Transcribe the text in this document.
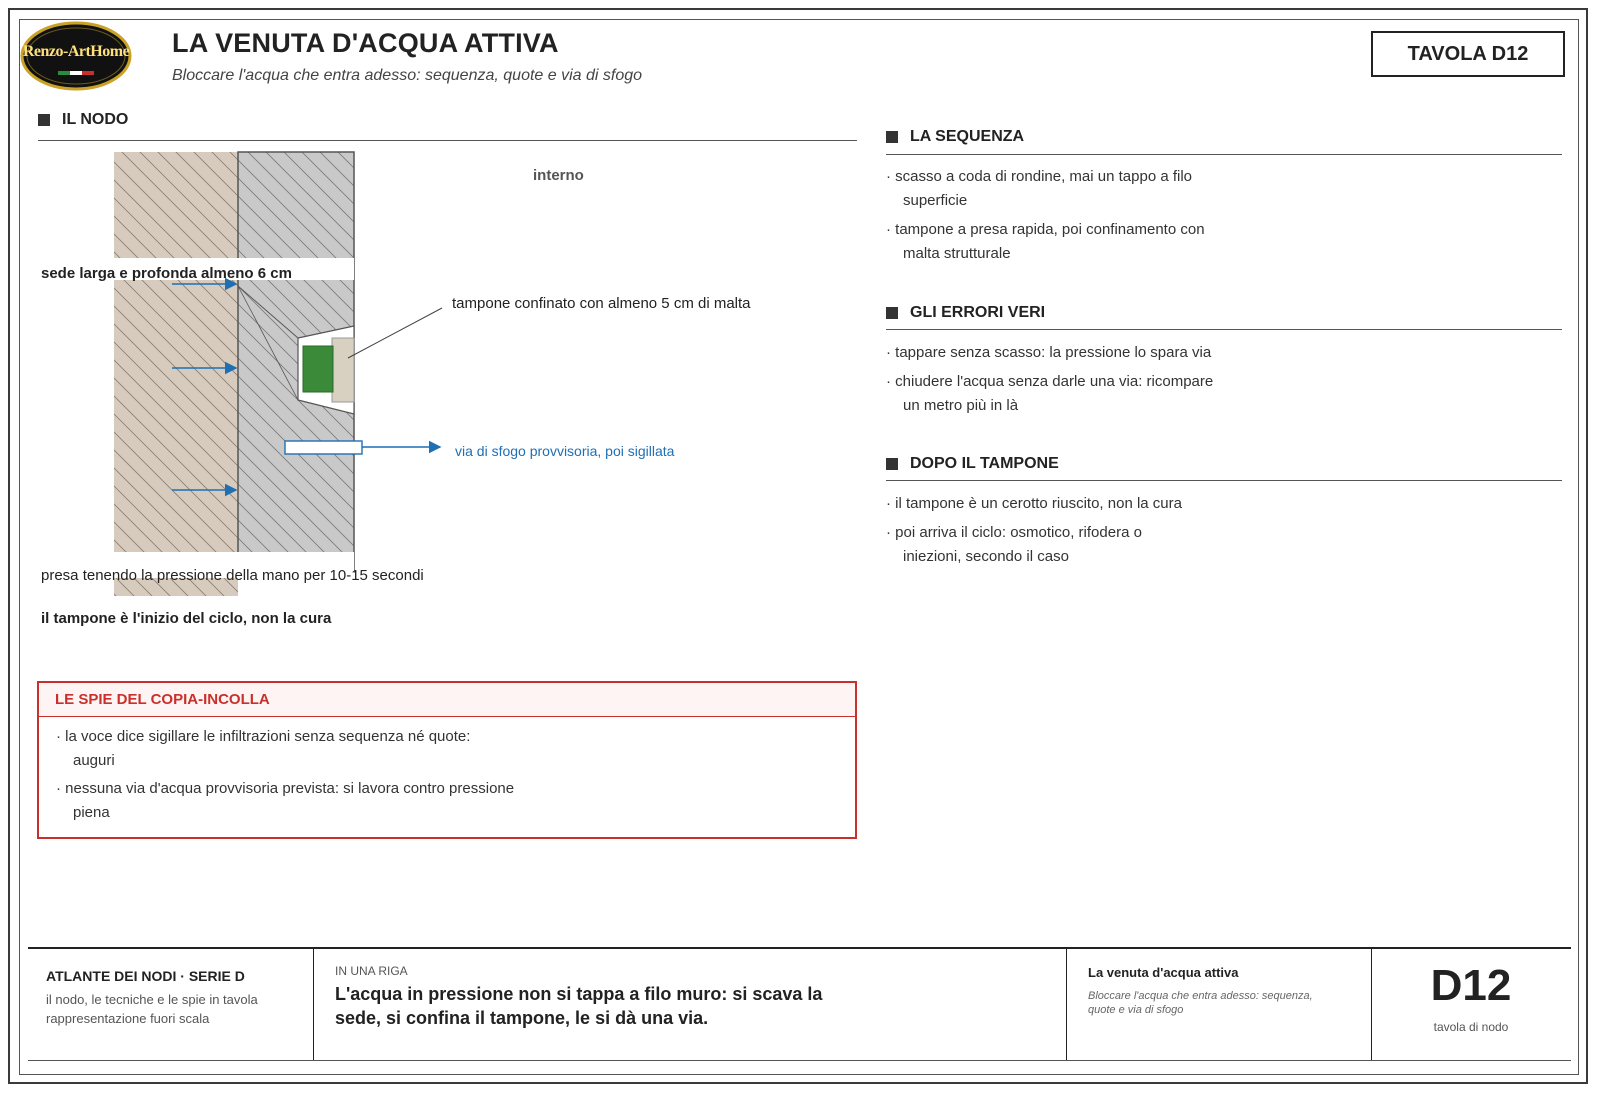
Renzo-ArtHome LA VENUTA D'ACQUA ATTIVA
Bloccare l'acqua che entra adesso: sequenza, quote e via di sfogo
TAVOLA D12
IL NODO
interno
sede larga e profonda almeno 6 cm
tampone confinato con almeno 5 cm di malta
via di sfogo provvisoria, poi sigillata
presa tenendo la pressione della mano per 10-15 secondi
il tampone è l'inizio del ciclo, non la cura
LE SPIE DEL COPIA-INCOLLA
· la voce dice sigillare le infiltrazioni senza sequenza né quote:
auguri
· nessuna via d'acqua provvisoria prevista: si lavora contro pressione
piena
LA SEQUENZA
· scasso a coda di rondine, mai un tappo a filo
superficie
· tampone a presa rapida, poi confinamento con
malta strutturale
GLI ERRORI VERI
· tappare senza scasso: la pressione lo spara via
· chiudere l'acqua senza darle una via: ricompare
un metro più in là
DOPO IL TAMPONE
· il tampone è un cerotto riuscito, non la cura
· poi arriva il ciclo: osmotico, rifodera o
iniezioni, secondo il caso
ATLANTE DEI NODI · SERIE D
il nodo, le tecniche e le spie in tavola
rappresentazione fuori scala
IN UNA RIGA
L'acqua in pressione non si tappa a filo muro: si scava la
sede, si confina il tampone, le si dà una via.
La venuta d'acqua attiva
Bloccare l'acqua che entra adesso: sequenza,
quote e via di sfogo	D12
tavola di nodo
